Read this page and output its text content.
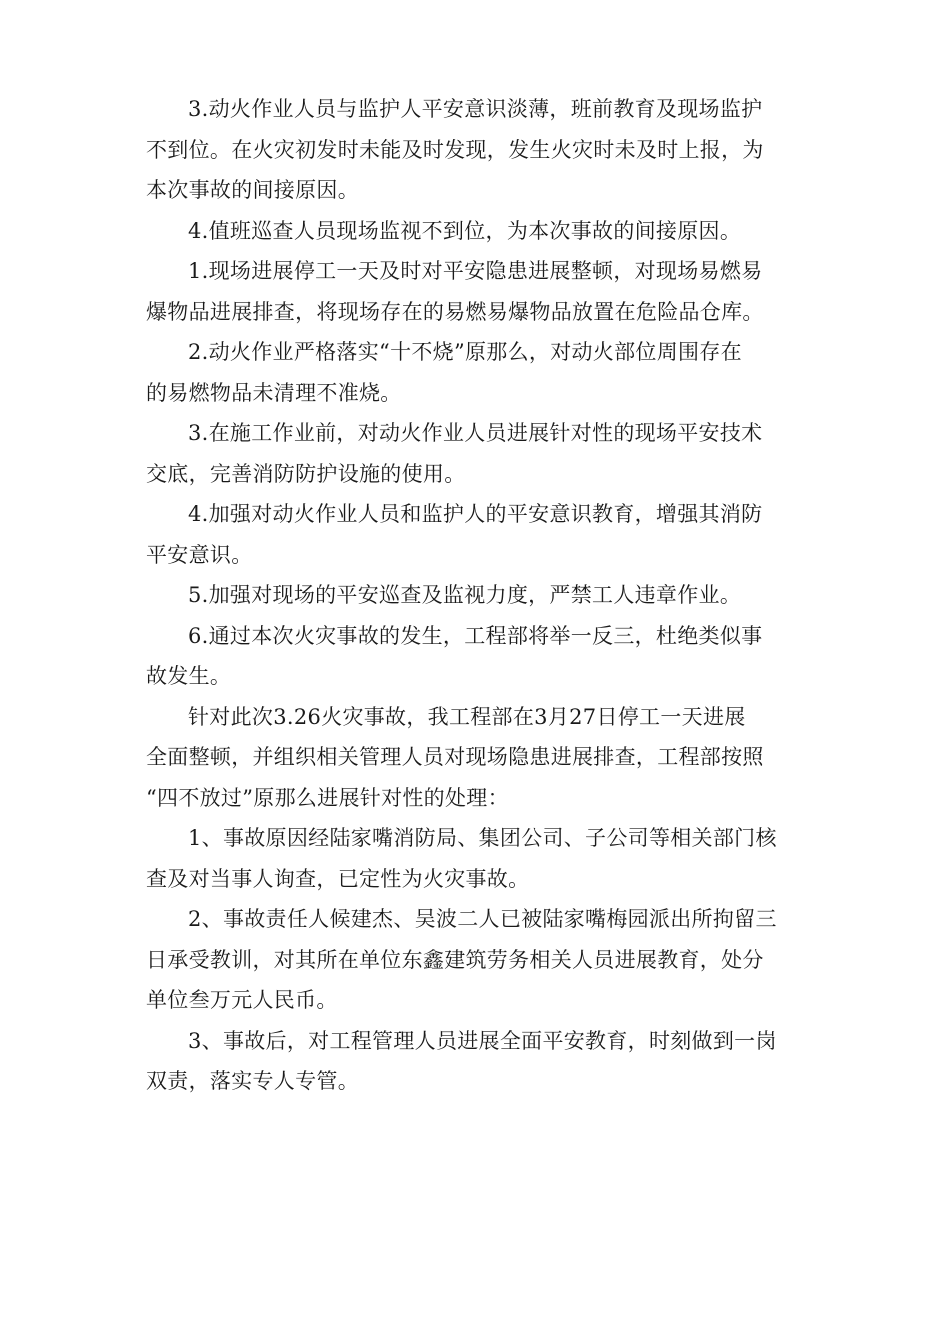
3.动火作业人员与监护人平安意识淡薄，班前教育及现场监护
不到位。在火灾初发时未能及时发现，发生火灾时未及时上报，为
本次事故的间接原因。

4.值班巡查人员现场监视不到位，为本次事故的间接原因。

1.现场进展停工一天及时对平安隐患进展整顿，对现场易燃易
爆物品进展排查，将现场存在的易燃易爆物品放置在危险品仓库。

2.动火作业严格落实“十不烧”原那么，对动火部位周围存在
的易燃物品未清理不准烧。

3.在施工作业前，对动火作业人员进展针对性的现场平安技术
交底，完善消防防护设施的使用。

4.加强对动火作业人员和监护人的平安意识教育，增强其消防
平安意识。

5.加强对现场的平安巡查及监视力度，严禁工人违章作业。

6.通过本次火灾事故的发生，工程部将举一反三，杜绝类似事
故发生。

针对此次3.26火灾事故，我工程部在3月27日停工一天进展
全面整顿，并组织相关管理人员对现场隐患进展排查，工程部按照
“四不放过”原那么进展针对性的处理：

1、事故原因经陆家嘴消防局、集团公司、子公司等相关部门核
查及对当事人询查，已定性为火灾事故。

2、事故责任人候建杰、吴波二人已被陆家嘴梅园派出所拘留三
日承受教训，对其所在单位东鑫建筑劳务相关人员进展教育，处分
单位叁万元人民币。

3、事故后，对工程管理人员进展全面平安教育，时刻做到一岗
双责，落实专人专管。
